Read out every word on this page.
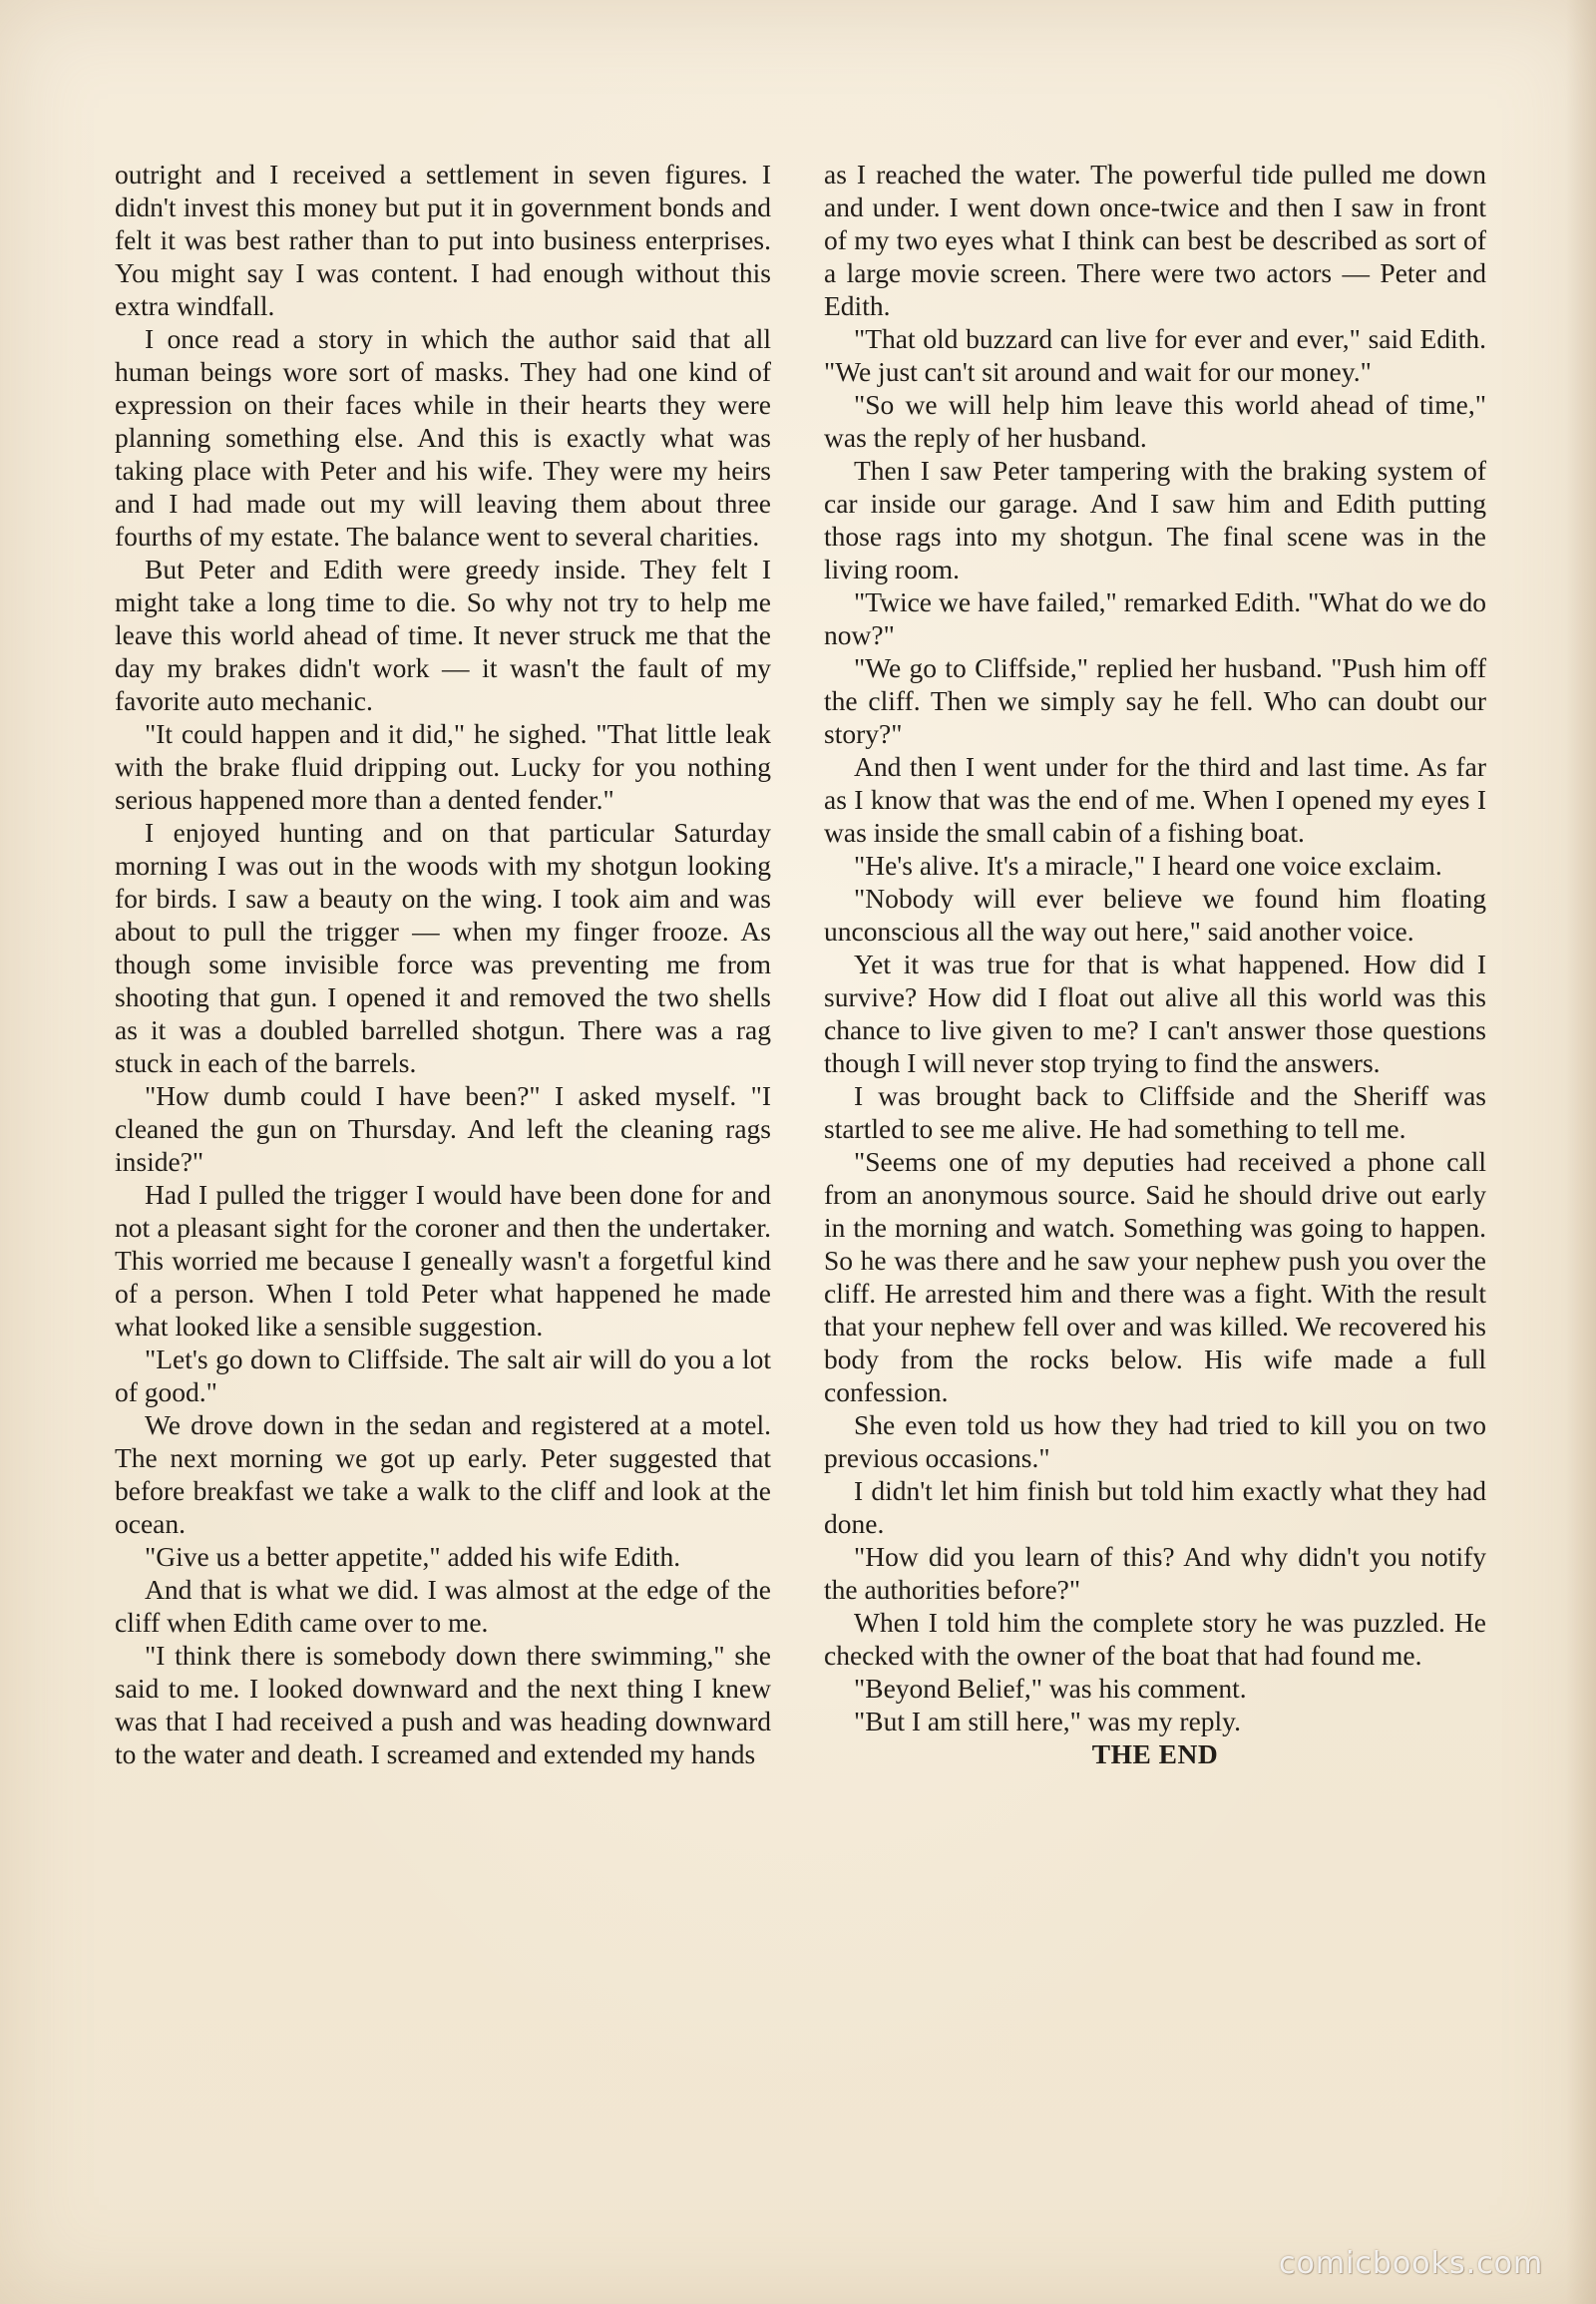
outright and I received a settlement in seven figures. I didn't invest this money but put it in government bonds and felt it was best rather than to put into business enterprises. You might say I was content. I had enough without this extra windfall.

I once read a story in which the author said that all human beings wore sort of masks. They had one kind of expression on their faces while in their hearts they were planning something else. And this is exactly what was taking place with Peter and his wife. They were my heirs and I had made out my will leaving them about three fourths of my estate. The balance went to several charities.

But Peter and Edith were greedy inside. They felt I might take a long time to die. So why not try to help me leave this world ahead of time. It never struck me that the day my brakes didn't work — it wasn't the fault of my favorite auto mechanic.

"It could happen and it did," he sighed. "That little leak with the brake fluid dripping out. Lucky for you nothing serious happened more than a dented fender."

I enjoyed hunting and on that particular Saturday morning I was out in the woods with my shotgun looking for birds. I saw a beauty on the wing. I took aim and was about to pull the trigger — when my finger frooze. As though some invisible force was preventing me from shooting that gun. I opened it and removed the two shells as it was a doubled barrelled shotgun. There was a rag stuck in each of the barrels.

"How dumb could I have been?" I asked myself. "I cleaned the gun on Thursday. And left the cleaning rags inside?"

Had I pulled the trigger I would have been done for and not a pleasant sight for the coroner and then the undertaker. This worried me because I geneally wasn't a forgetful kind of a person. When I told Peter what happened he made what looked like a sensible suggestion.

"Let's go down to Cliffside. The salt air will do you a lot of good."

We drove down in the sedan and registered at a motel. The next morning we got up early. Peter suggested that before breakfast we take a walk to the cliff and look at the ocean.

"Give us a better appetite," added his wife Edith.

And that is what we did. I was almost at the edge of the cliff when Edith came over to me.

"I think there is somebody down there swimming," she said to me. I looked downward and the next thing I knew was that I had received a push and was heading downward to the water and death. I screamed and extended my hands

as I reached the water. The powerful tide pulled me down and under. I went down once-twice and then I saw in front of my two eyes what I think can best be described as sort of a large movie screen. There were two actors — Peter and Edith.

"That old buzzard can live for ever and ever," said Edith. "We just can't sit around and wait for our money."

"So we will help him leave this world ahead of time," was the reply of her husband.

Then I saw Peter tampering with the braking system of car inside our garage. And I saw him and Edith putting those rags into my shotgun. The final scene was in the living room.

"Twice we have failed," remarked Edith. "What do we do now?"

"We go to Cliffside," replied her husband. "Push him off the cliff. Then we simply say he fell. Who can doubt our story?"

And then I went under for the third and last time. As far as I know that was the end of me. When I opened my eyes I was inside the small cabin of a fishing boat.

"He's alive. It's a miracle," I heard one voice exclaim.

"Nobody will ever believe we found him floating unconscious all the way out here," said another voice.

Yet it was true for that is what happened. How did I survive? How did I float out alive all this world was this chance to live given to me? I can't answer those questions though I will never stop trying to find the answers.

I was brought back to Cliffside and the Sheriff was startled to see me alive. He had something to tell me.

"Seems one of my deputies had received a phone call from an anonymous source. Said he should drive out early in the morning and watch. Something was going to happen. So he was there and he saw your nephew push you over the cliff. He arrested him and there was a fight. With the result that your nephew fell over and was killed. We recovered his body from the rocks below. His wife made a full confession.

She even told us how they had tried to kill you on two previous occasions."

I didn't let him finish but told him exactly what they had done.

"How did you learn of this? And why didn't you notify the authorities before?"

When I told him the complete story he was puzzled. He checked with the owner of the boat that had found me.

"Beyond Belief," was his comment.

"But I am still here," was my reply.

THE END

comicbooks.com
